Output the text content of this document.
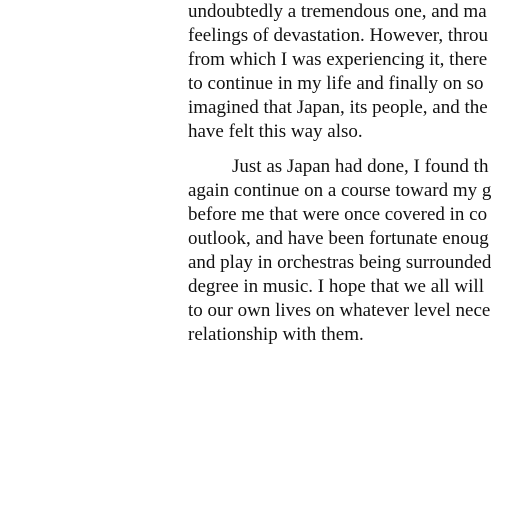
undoubtedly a tremendous one, and ma
feelings of devastation. However, throu
from which I was experiencing it, there
to continue in my life and finally on so
imagined that Japan, its people, and the
have felt this way also.
Just as Japan had done, I found th
again continue on a course toward my g
before me that were once covered in co
outlook, and have been fortunate enoug
and play in orchestras being surrounded
degree in music. I hope that we all will
to our own lives on whatever level nece
relationship with them.
